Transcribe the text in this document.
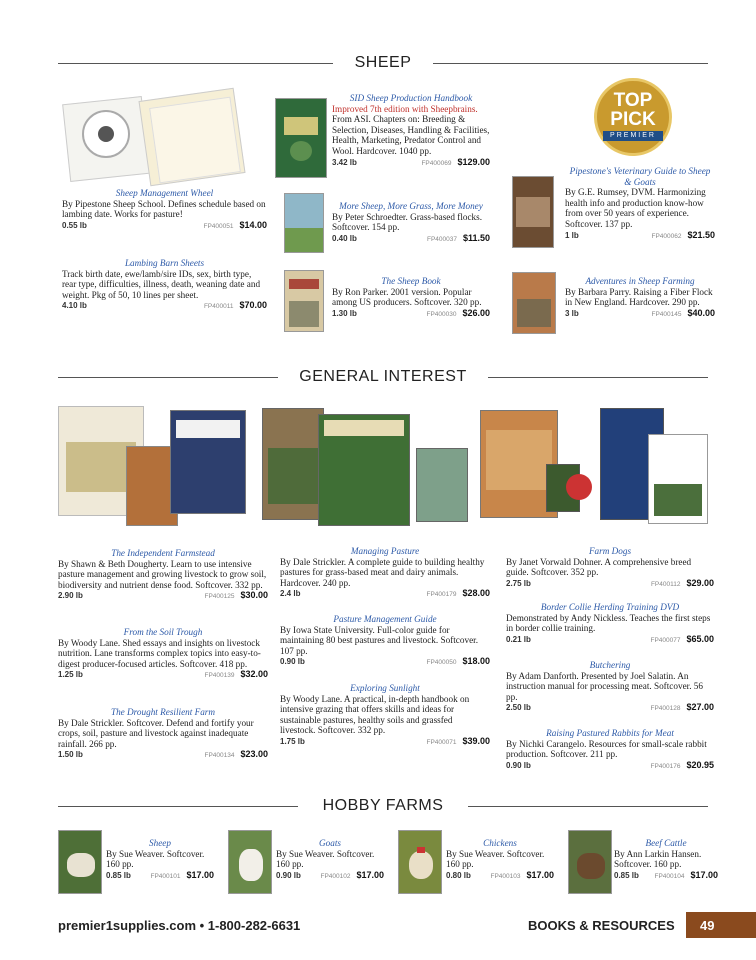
SHEEP
Sheep Management Wheel
By Pipestone Sheep School. Defines schedule based on lambing date. Works for pasture!
0.55 lb	FP400051 $14.00
Lambing Barn Sheets
Track birth date, ewe/lamb/sire IDs, sex, birth type, rear type, difficulties, illness, death, weaning date and weight. Pkg of 50, 10 lines per sheet.
4.10 lb	FP400011 $70.00
SID Sheep Production Handbook
Improved 7th edition with Sheepbrains. From ASI. Chapters on: Breeding & Selection, Diseases, Handling & Facilities, Health, Marketing, Predator Control and Wool. Hardcover. 1040 pp.
3.42 lb	FP400069 $129.00
More Sheep, More Grass, More Money
By Peter Schroedter. Grass-based flocks. Softcover. 154 pp.
0.40 lb	FP400037 $11.50
The Sheep Book
By Ron Parker. 2001 version. Popular among US producers. Softcover. 320 pp.
1.30 lb	FP400030 $26.00
TOP
PICK
PREMIER
Pipestone's Veterinary Guide to Sheep & Goats
By G.E. Rumsey, DVM. Harmonizing health info and production know-how from over 50 years of experience. Softcover. 137 pp.
1 lb	FP400062 $21.50
Adventures in Sheep Farming
By Barbara Parry. Raising a Fiber Flock in New England. Hardcover. 290 pp.
3 lb	FP400145 $40.00
GENERAL INTEREST
The Independent Farmstead
By Shawn & Beth Dougherty. Learn to use intensive pasture management and growing livestock to grow soil, biodiversity and nutrient dense food. Softcover. 332 pp.
2.90 lb	FP400125 $30.00
From the Soil Trough
By Woody Lane. Shed essays and insights on livestock nutrition. Lane transforms complex topics into easy-to-digest producer-focused articles. Softcover. 418 pp.
1.25 lb	FP400139 $32.00
The Drought Resilient Farm
By Dale Strickler. Softcover. Defend and fortify your crops, soil, pasture and livestock against inadequate rainfall. 266 pp.
1.50 lb	FP400134 $23.00
Managing Pasture
By Dale Strickler. A complete guide to building healthy pastures for grass-based meat and dairy animals. Hardcover. 240 pp.
2.4 lb	FP400179 $28.00
Pasture Management Guide
By Iowa State University. Full-color guide for maintaining 80 best pastures and livestock. Softcover. 107 pp.
0.90 lb	FP400050 $18.00
Exploring Sunlight
By Woody Lane. A practical, in-depth handbook on intensive grazing that offers skills and ideas for sustainable pastures, healthy soils and grassfed livestock. Softcover. 332 pp.
1.75 lb	FP400071 $39.00
Farm Dogs
By Janet Vorwald Dohner. A comprehensive breed guide. Softcover. 352 pp.
2.75 lb	FP400112 $29.00
Border Collie Herding Training DVD
Demonstrated by Andy Nickless. Teaches the first steps in border collie training.
0.21 lb	FP400077 $65.00
Butchering
By Adam Danforth. Presented by Joel Salatin. An instruction manual for processing meat. Softcover. 56 pp.
2.50 lb	FP400128 $27.00
Raising Pastured Rabbits for Meat
By Nichki Carangelo. Resources for small-scale rabbit production. Softcover. 211 pp.
0.90 lb	FP400176 $20.95
HOBBY FARMS
Sheep
By Sue Weaver. Softcover. 160 pp.
0.85 lb	FP400101 $17.00
Goats
By Sue Weaver. Softcover. 160 pp.
0.90 lb	FP400102 $17.00
Chickens
By Sue Weaver. Softcover. 160 pp.
0.80 lb	FP400103 $17.00
Beef Cattle
By Ann Larkin Hansen. Softcover. 160 pp.
0.85 lb FP400104 $17.00
premier1supplies.com • 1-800-282-6631	BOOKS & RESOURCES	49
